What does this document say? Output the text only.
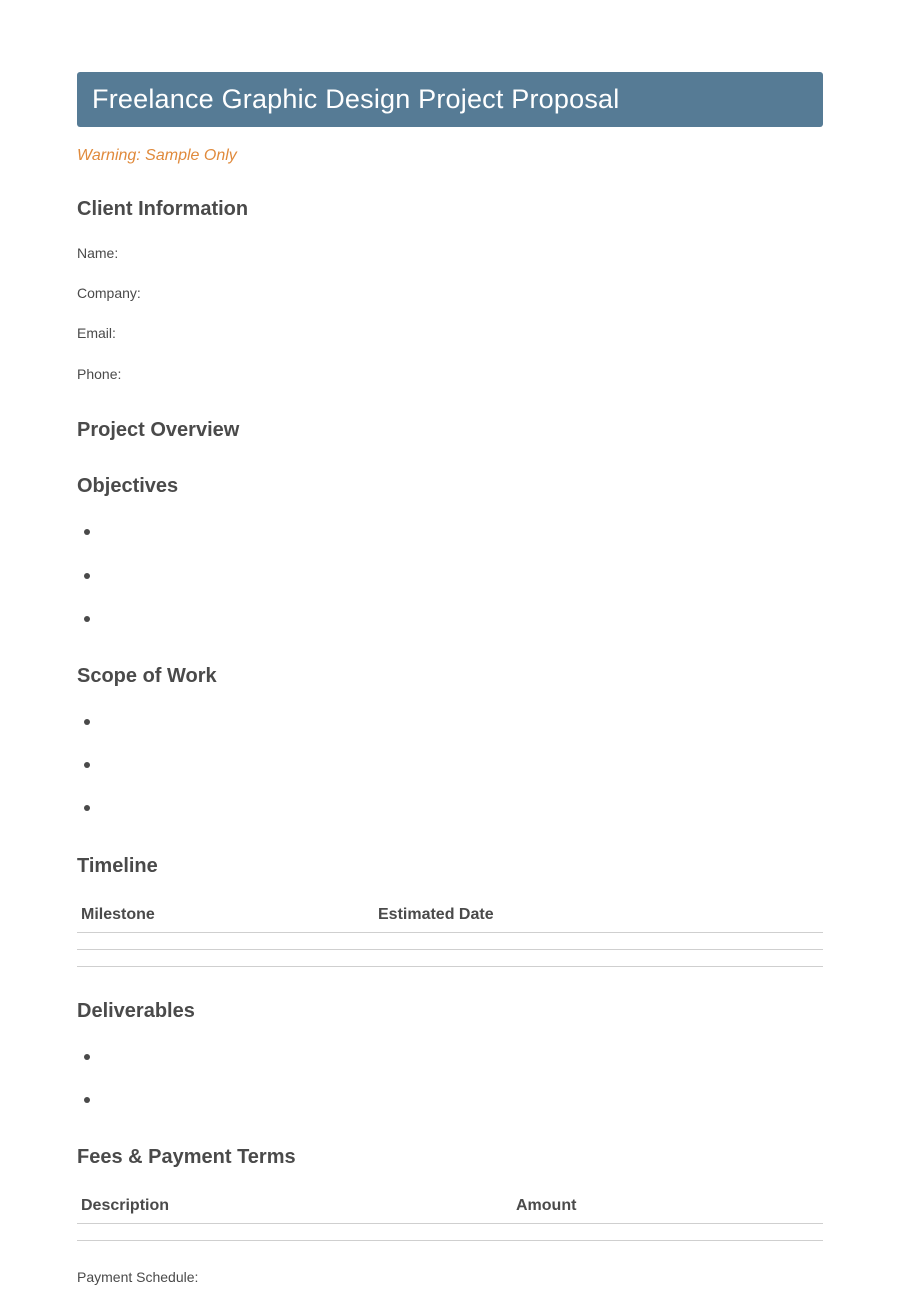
Freelance Graphic Design Project Proposal
Warning: Sample Only
Client Information
Name:
Company:
Email:
Phone:
Project Overview
Objectives
Scope of Work
Timeline
Milestone	Estimated Date
Deliverables
Fees & Payment Terms
Description	Amount
Payment Schedule:
